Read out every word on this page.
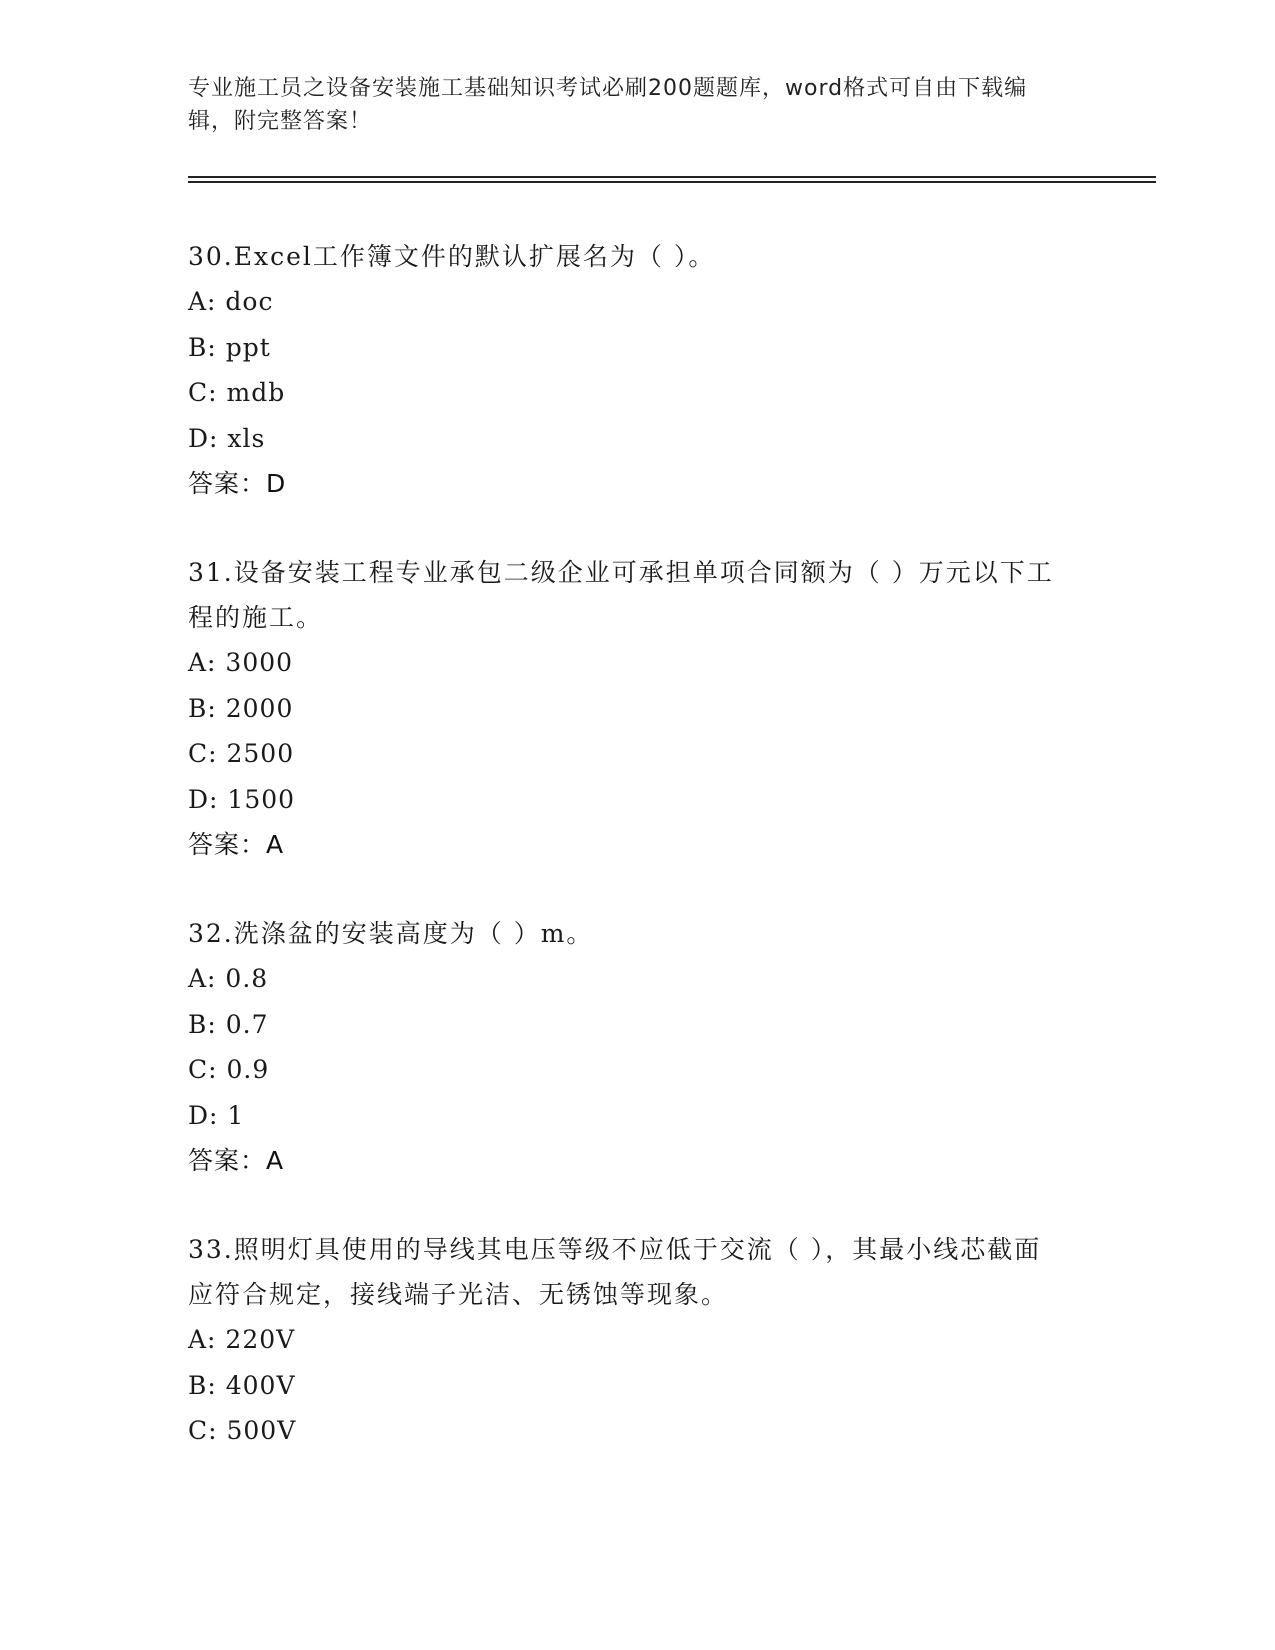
专业施工员之设备安装施工基础知识考试必刷200题题库，word格式可自由下载编辑，附完整答案！
30.Excel工作簿文件的默认扩展名为（ ）。
A: doc
B: ppt
C: mdb
D: xls
答案：D
31.设备安装工程专业承包二级企业可承担单项合同额为（ ）万元以下工程的施工。
A: 3000
B: 2000
C: 2500
D: 1500
答案：A
32.洗涤盆的安装高度为（ ）m。
A: 0.8
B: 0.7
C: 0.9
D: 1
答案：A
33.照明灯具使用的导线其电压等级不应低于交流（ ），其最小线芯截面应符合规定，接线端子光洁、无锈蚀等现象。
A: 220V
B: 400V
C: 500V
